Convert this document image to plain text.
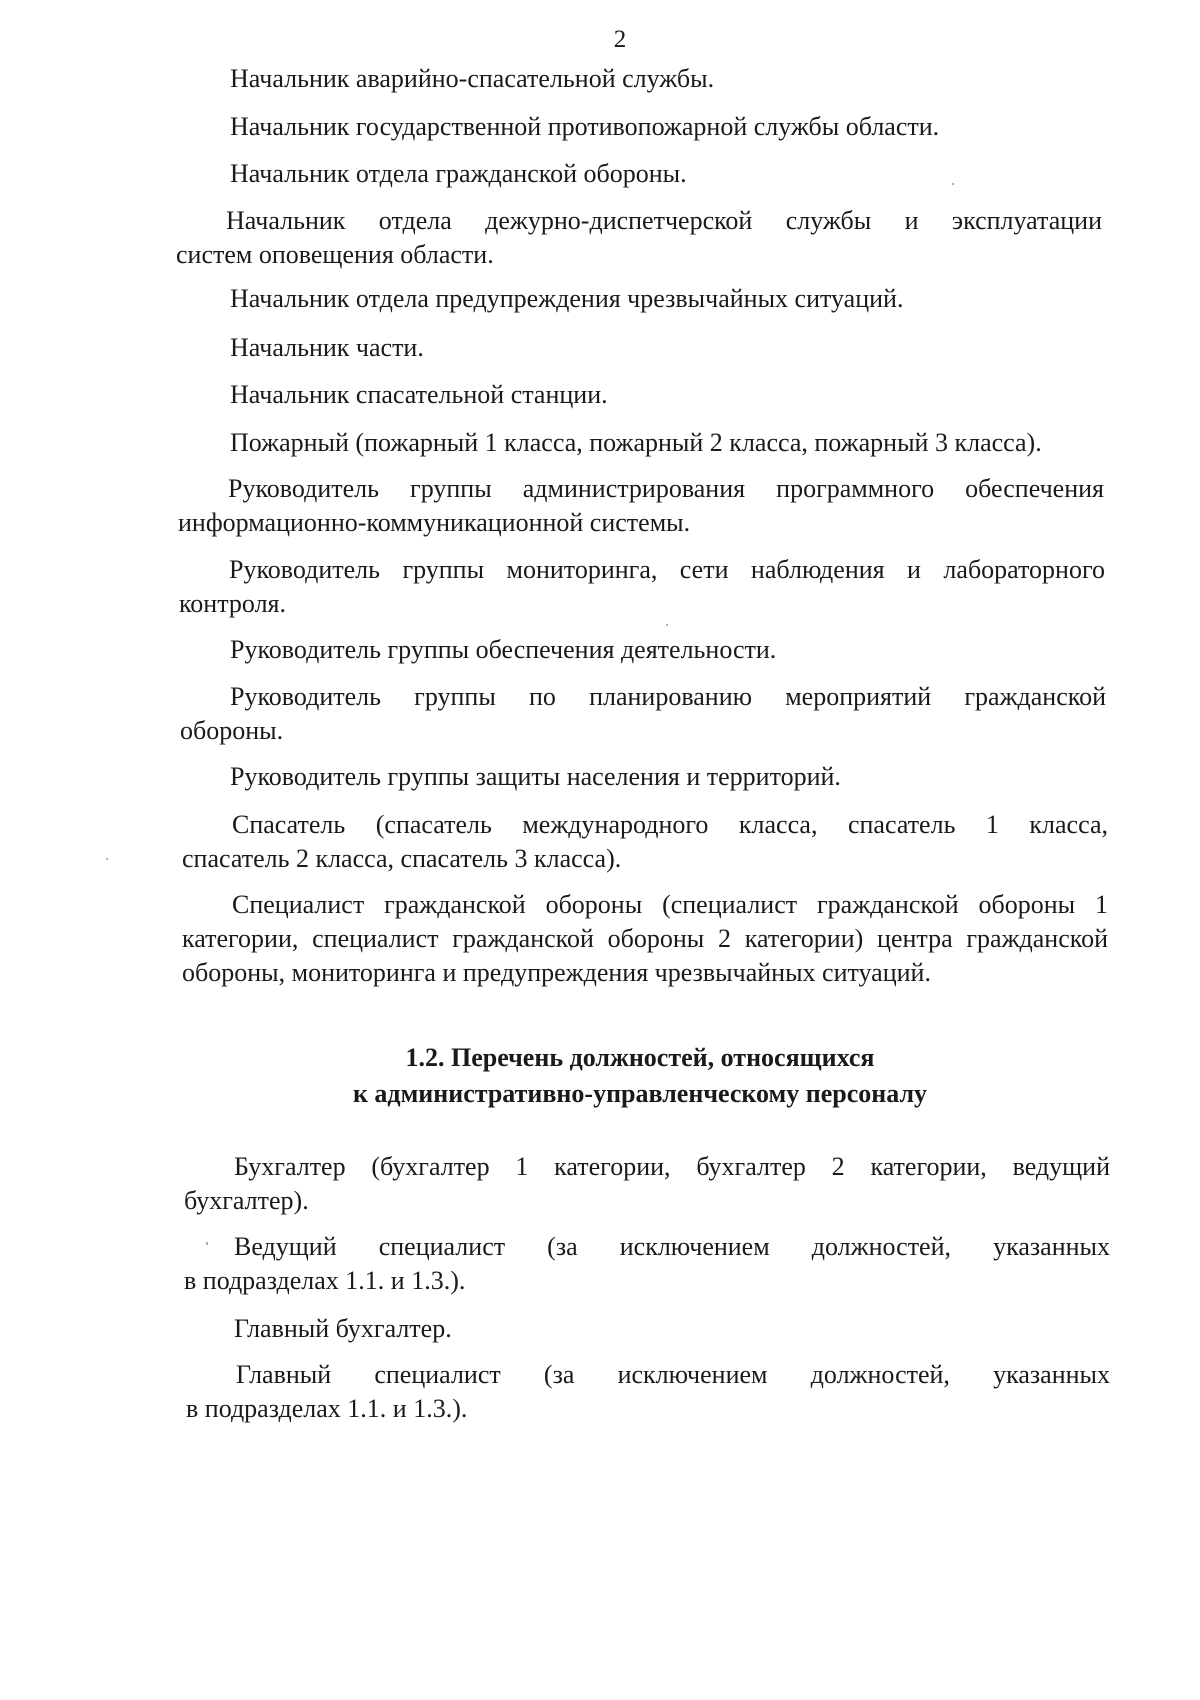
2
Начальник аварийно-спасательной службы.
Начальник государственной противопожарной службы области.
Начальник отдела гражданской обороны.
Начальник отдела дежурно-диспетчерской службы и эксплуатации
систем оповещения области.
Начальник отдела предупреждения чрезвычайных ситуаций.
Начальник части.
Начальник спасательной станции.
Пожарный (пожарный 1 класса, пожарный 2 класса, пожарный 3 класса).
Руководитель группы администрирования программного обеспечения
информационно-коммуникационной системы.
Руководитель группы мониторинга, сети наблюдения и лабораторного
контроля.
Руководитель группы обеспечения деятельности.
Руководитель группы по планированию мероприятий гражданской
обороны.
Руководитель группы защиты населения и территорий.
Спасатель (спасатель международного класса, спасатель 1 класса,
спасатель 2 класса, спасатель 3 класса).
Специалист гражданской обороны (специалист гражданской обороны 1
категории, специалист гражданской обороны 2 категории) центра гражданской обороны, мониторинга и предупреждения чрезвычайных ситуаций.
1.2. Перечень должностей, относящихся
к административно-управленческому персоналу
Бухгалтер (бухгалтер 1 категории, бухгалтер 2 категории, ведущий
бухгалтер).
Ведущий специалист (за исключением должностей, указанных
в подразделах 1.1. и 1.3.).
Главный бухгалтер.
Главный специалист (за исключением должностей, указанных
в подразделах 1.1. и 1.3.).
